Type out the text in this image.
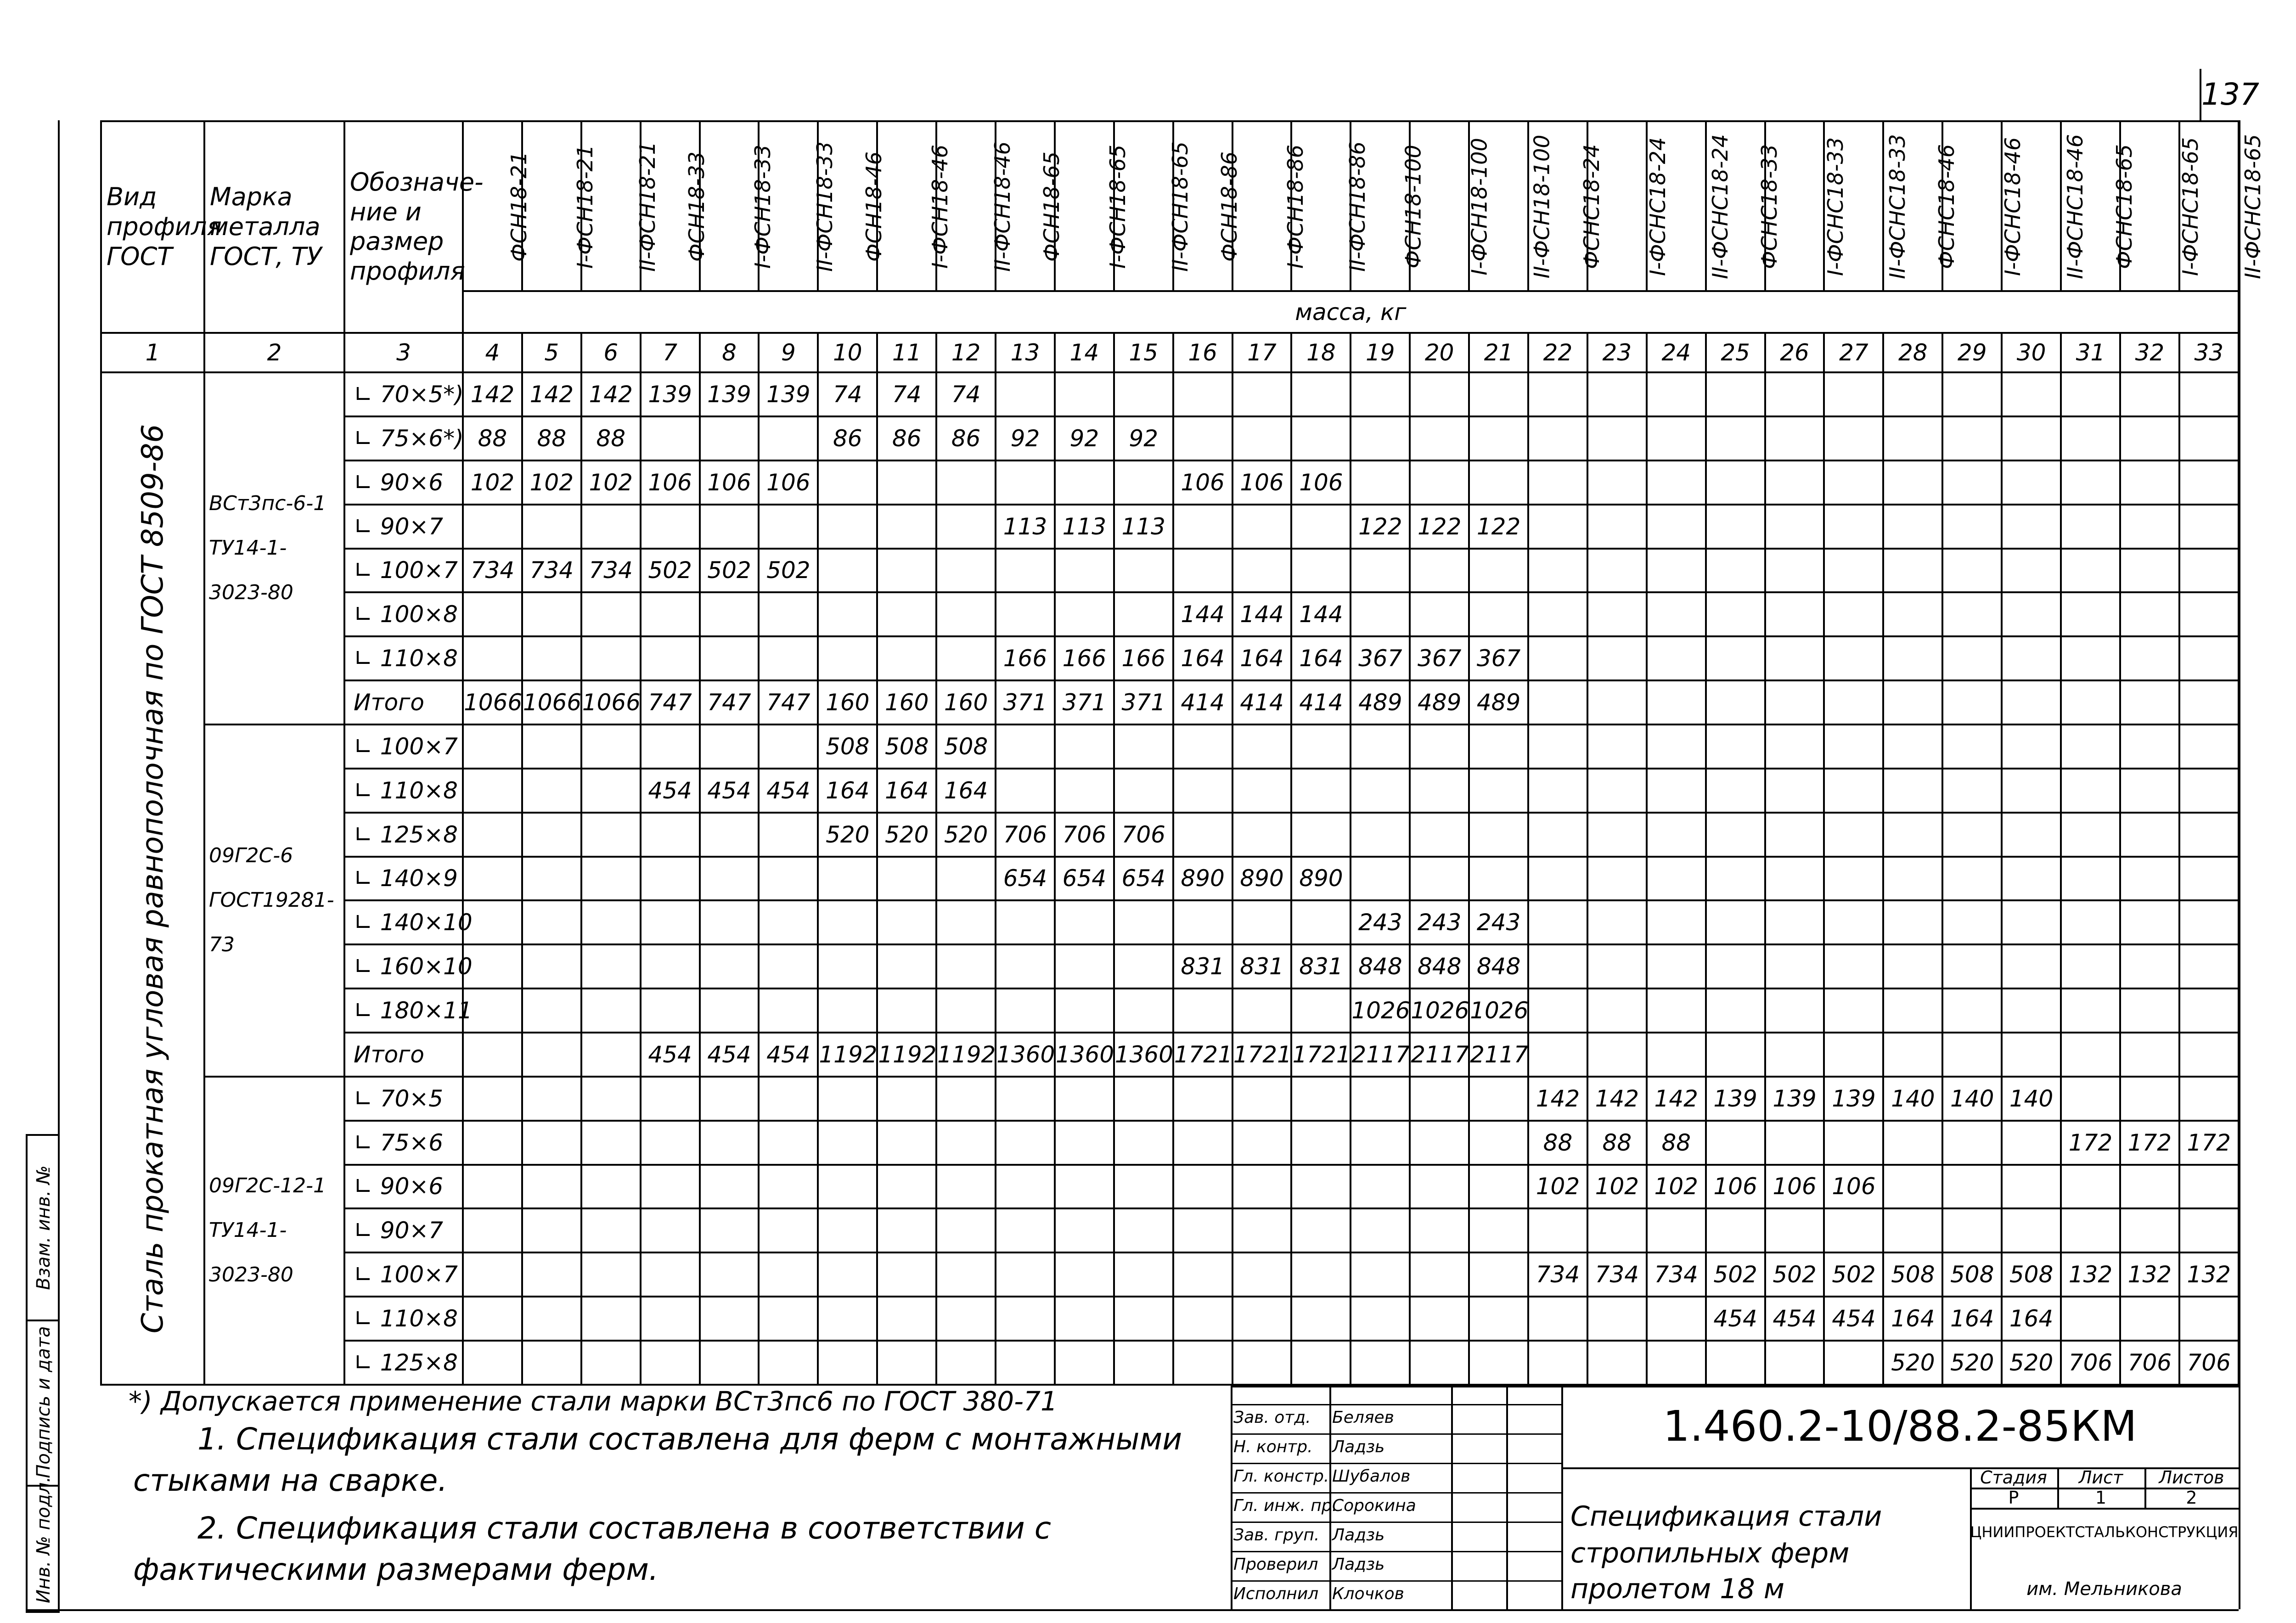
137
Инв. № подл.
Подпись и дата
Взам. инв. №
Вид профиля ГОСТ	Марка металла ГОСТ, ТУ	Обозначе-ние и размер профиля	ФСН18-21	I-ФСН18-21	II-ФСН18-21	ФСН18-33	I-ФСН18-33	II-ФСН18-33	ФСН18-46	I-ФСН18-46	II-ФСН18-46	ФСН18-65	I-ФСН18-65	II-ФСН18-65	ФСН18-86	I-ФСН18-86	II-ФСН18-86	ФСН18-100	I-ФСН18-100	II-ФСН18-100	ФСНС18-24	I-ФСНС18-24	II-ФСНС18-24	ФСНС18-33	I-ФСНС18-33	II-ФСНС18-33	ФСНС18-46	I-ФСНС18-46	II-ФСНС18-46	ФСНС18-65	I-ФСНС18-65	II-ФСНС18-65
			масса, кг																													
1	2	3	4	5	6	7	8	9	10	11	12	13	14	15	16	17	18	19	20	21	22	23	24	25	26	27	28	29	30	31	32	33

Сталь прокатная угловая равнополочная по ГОСТ 8509-86	ВСт3пс-6-1
ТУ14-1-3023-80	∟ 70×5*)	142	142	142	139	139	139	74	74	74																					
		∟ 75×6*)	88	88	88				86	86	86	92	92	92																		
		∟ 90×6	102	102	102	106	106	106							106	106	106															
		∟ 90×7										113	113	113				122	122	122												
		∟ 100×7	734	734	734	502	502	502																								
		∟ 100×8													144	144	144															
		∟ 110×8										166	166	166	164	164	164	367	367	367												
		Итого	1066	1066	1066	747	747	747	160	160	160	371	371	371	414	414	414	489	489	489												
	09Г2С-6
ГОСТ19281-73	∟ 100×7							508	508	508																					
		∟ 110×8				454	454	454	164	164	164																					
		∟ 125×8							520	520	520	706	706	706																		
		∟ 140×9										654	654	654	890	890	890															
		∟ 140×10																243	243	243												
		∟ 160×10													831	831	831	848	848	848												
		∟ 180×11																1026	1026	1026												
		Итого				454	454	454	1192	1192	1192	1360	1360	1360	1721	1721	1721	2117	2117	2117												
	09Г2С-12-1
ТУ14-1-3023-80	∟ 70×5																			142	142	142	139	139	139	140	140	140			
		∟ 75×6																			88	88	88							172	172	172
		∟ 90×6																			102	102	102	106	106	106						
		∟ 90×7																														
		∟ 100×7																			734	734	734	502	502	502	508	508	508	132	132	132
		∟ 110×8																						454	454	454	164	164	164			
		∟ 125×8																									520	520	520	706	706	706
*) Допускается применение стали марки ВСт3пс6 по ГОСТ 380-71
1. Спецификация стали составлена для ферм с монтажными
стыками на сварке.
2. Спецификация стали составлена в соответствии с
фактическими размерами ферм.
Зав. отд.	Беляев
Н. контр.	Ладзь
Гл. констр. Шубалов
Гл. инж. пр.
Сорокина
Зав. груп. Ладзь
Проверил Ладзь
Исполнил Клочков
1.460.2-10/88.2-85КМ
Спецификация стали
стропильных ферм
пролетом 18 м
Стадия	Лист	Листов
Р	1	2
ЦНИИПРОЕКТСТАЛЬКОНСТРУКЦИЯ
им. Мельникова
